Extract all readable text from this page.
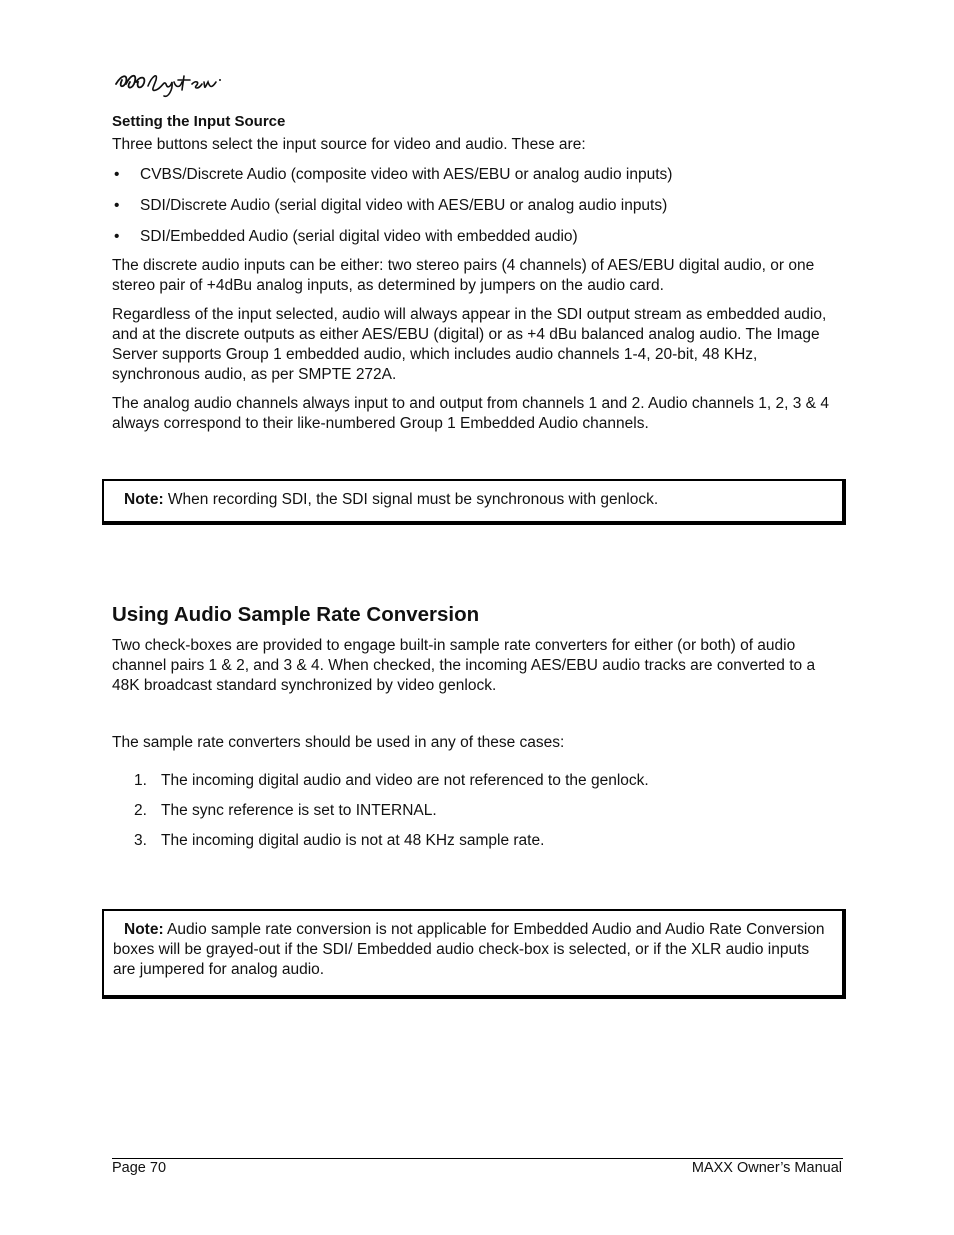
Setting the Input Source

Three buttons select the input source for video and audio. These are:

• CVBS/Discrete Audio (composite video with AES/EBU or analog audio inputs)
• SDI/Discrete Audio (serial digital video with AES/EBU or analog audio inputs)
• SDI/Embedded Audio (serial digital video with embedded audio)

The discrete audio inputs can be either: two stereo pairs (4 channels) of AES/EBU digital audio, or one stereo pair of +4dBu analog inputs, as determined by jumpers on the audio card.

Regardless of the input selected, audio will always appear in the SDI output stream as embedded audio, and at the discrete outputs as either AES/EBU (digital) or as +4 dBu balanced analog audio. The Image Server supports Group 1 embedded audio, which includes audio channels 1-4, 20-bit, 48 KHz, synchronous audio, as per SMPTE 272A.

The analog audio channels always input to and output from channels 1 and 2. Audio channels 1, 2, 3 & 4 always correspond to their like-numbered Group 1 Embedded Audio channels.

Note: When recording SDI, the SDI signal must be synchronous with genlock.
Using Audio Sample Rate Conversion

Two check-boxes are provided to engage built-in sample rate converters for either (or both) of audio channel pairs 1 & 2, and 3 & 4. When checked, the incoming AES/EBU audio tracks are converted to a 48K broadcast standard synchronized by video genlock.

The sample rate converters should be used in any of these cases:

1. The incoming digital audio and video are not referenced to the genlock.
2. The sync reference is set to INTERNAL.
3. The incoming digital audio is not at 48 KHz sample rate.
Note: Audio sample rate conversion is not applicable for Embedded Audio and Audio Rate Conversion boxes will be grayed-out if the SDI/ Embedded audio check-box is selected, or if the XLR audio inputs are jumpered for analog audio.
Page 70	MAXX Owner’s Manual
